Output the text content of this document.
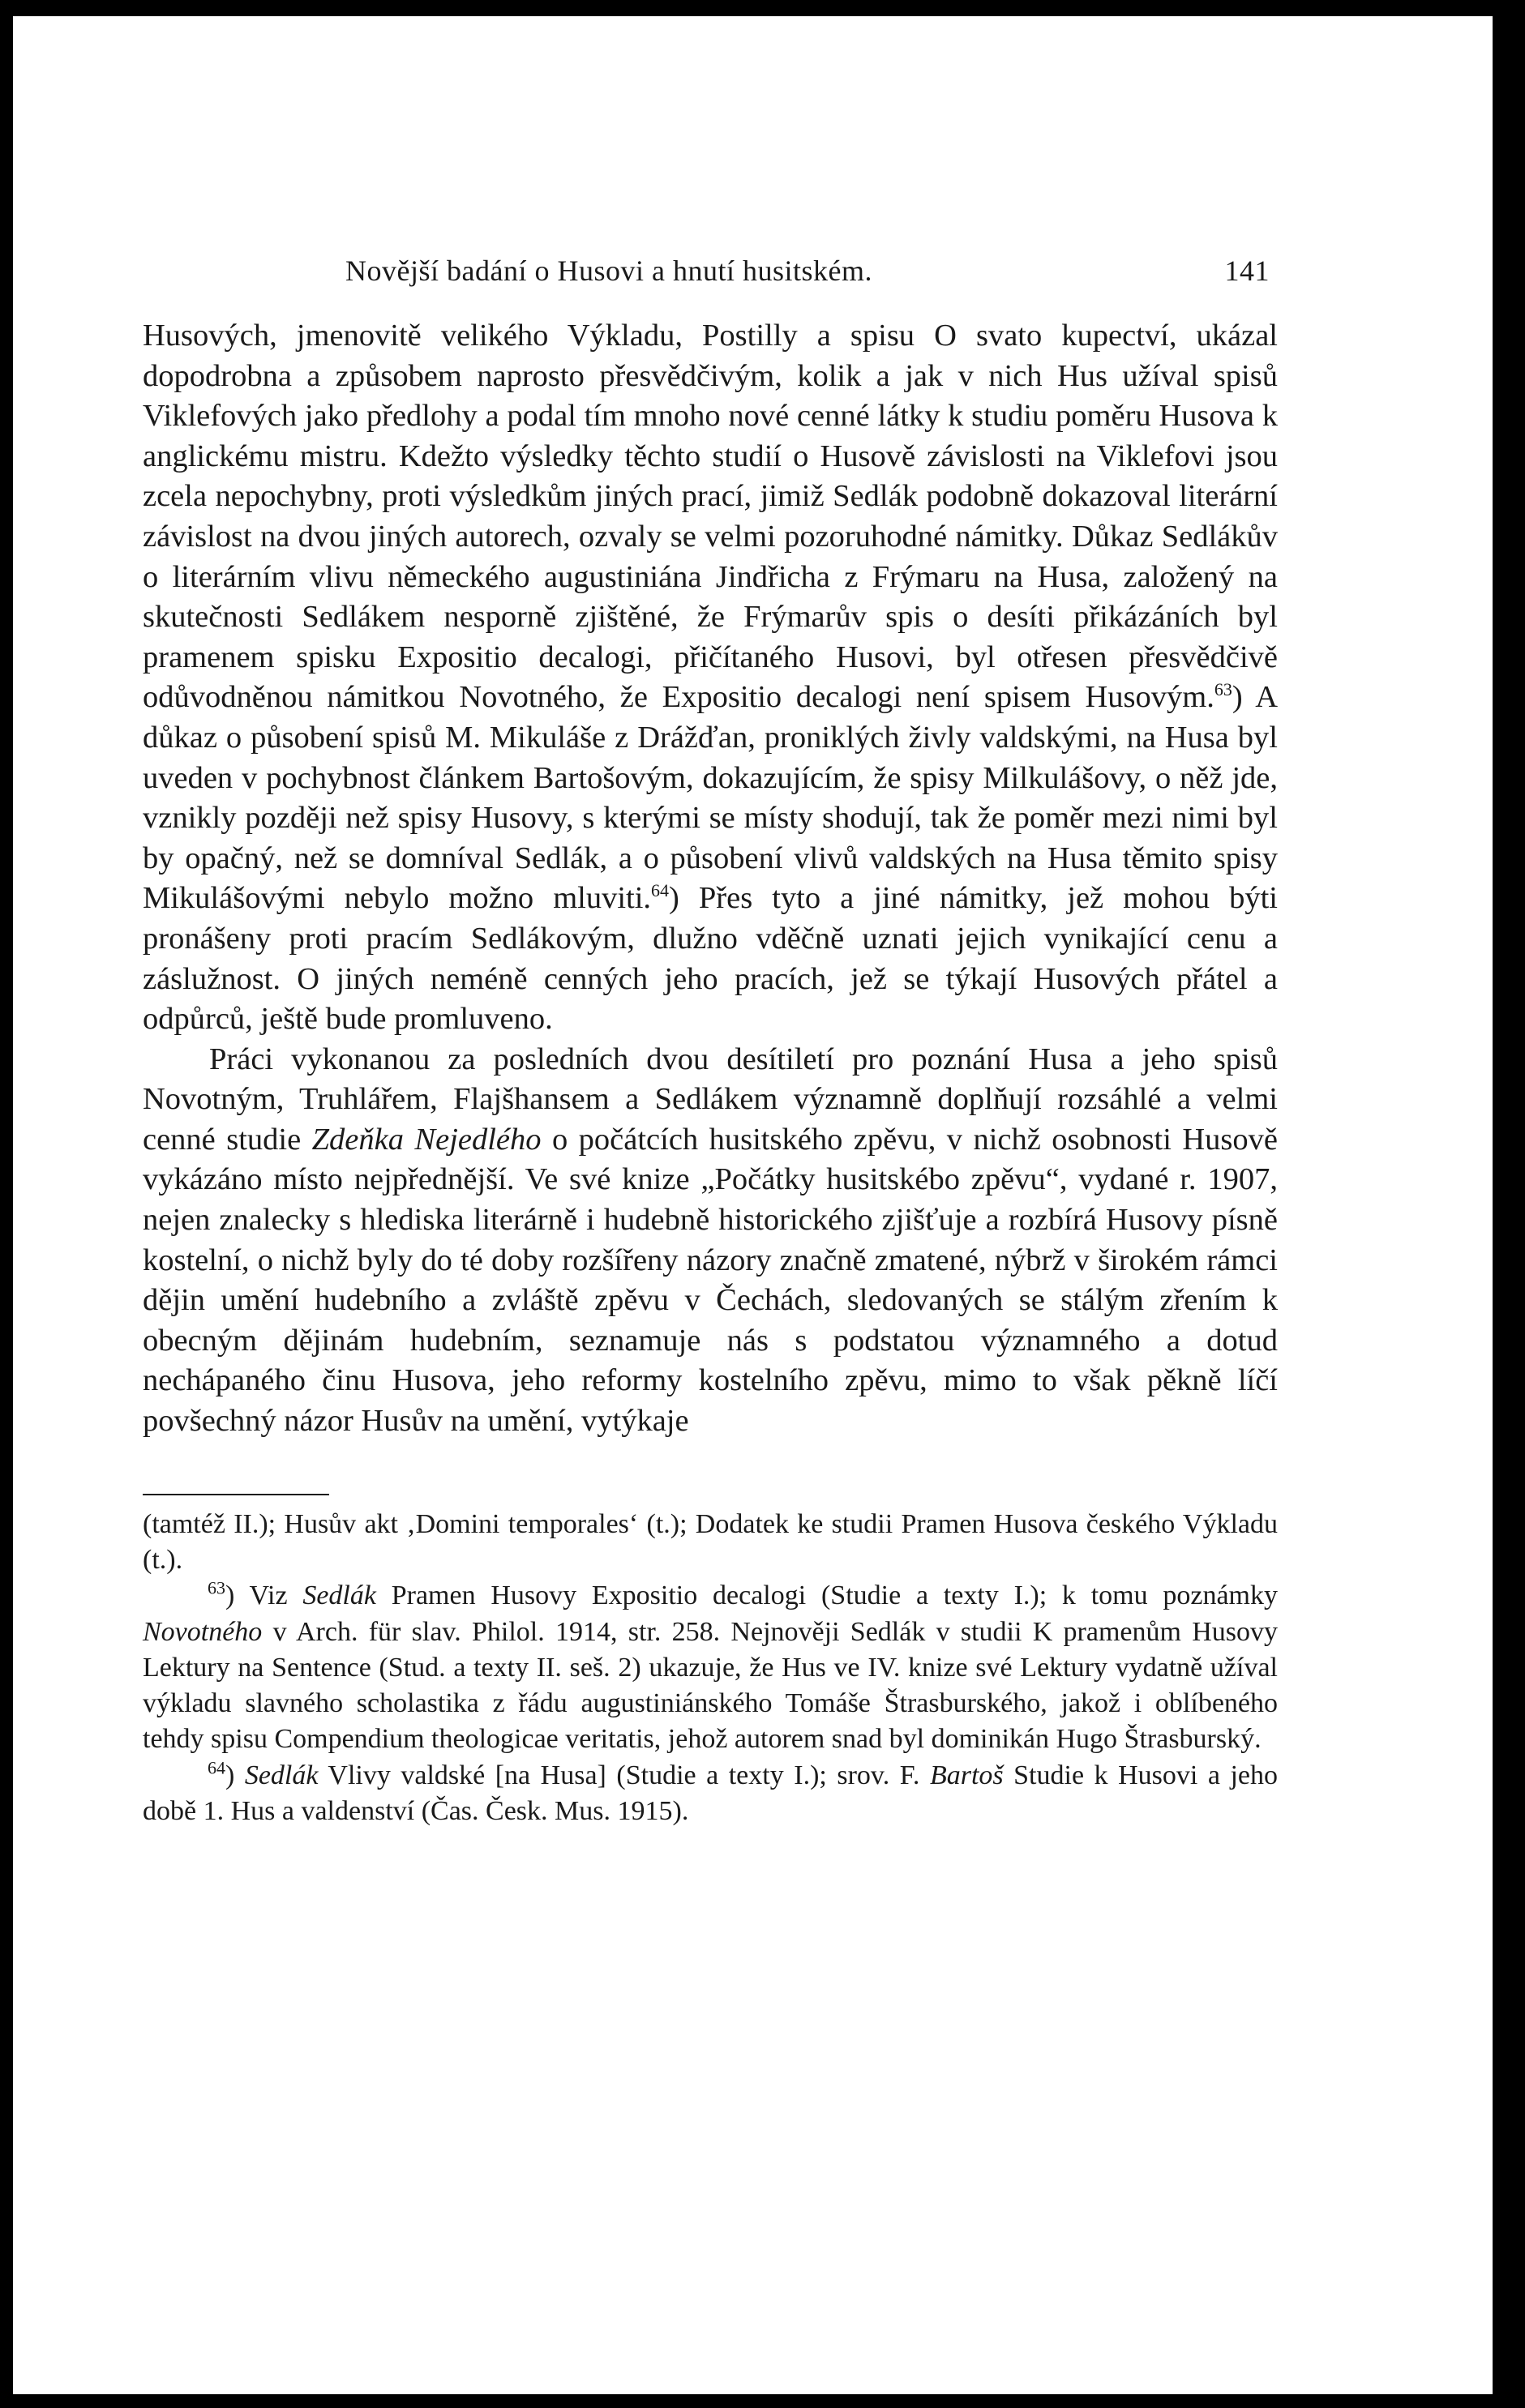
Novější badání o Husovi a hnutí husitském.	141

Husových, jmenovitě velikého Výkladu, Postilly a spisu O svato kupectví, ukázal dopodrobna a způsobem naprosto přesvědčivým, kolik a jak v nich Hus užíval spisů Viklefových jako předlohy a podal tím mnoho nové cenné látky k studiu poměru Husova k anglickému mistru. Kdežto výsledky těchto studií o Husově závislosti na Viklefovi jsou zcela nepochybny, proti výsledkům jiných prací, jimiž Sedlák podobně dokazoval literární závislost na dvou jiných autorech, ozvaly se velmi pozoruhodné námitky. Důkaz Sedlákův o literárním vlivu německého augustiniána Jindřicha z Frýmaru na Husa, založený na skutečnosti Sedlákem nesporně zjištěné, že Frýmarův spis o desíti přikázáních byl pramenem spisku Expositio decalogi, přičítaného Husovi, byl otřesen přesvědčivě odůvodněnou námitkou Novotného, že Expositio decalogi není spisem Husovým.$^{63}$) A důkaz o působení spisů M. Mikuláše z Drážďan, proniklých živly valdskými, na Husa byl uveden v pochybnost článkem Bartošovým, dokazujícím, že spisy Milkulášovy, o něž jde, vznikly později než spisy Husovy, s kterými se místy shodují, tak že poměr mezi nimi byl by opačný, než se domníval Sedlák, a o působení vlivů valdských na Husa těmito spisy Mikulášovými nebylo možno mluviti.$^{64}$) Přes tyto a jiné námitky, jež mohou býti pronášeny proti pracím Sedlákovým, dlužno vděčně uznati jejich vynikající cenu a záslužnost. O jiných neméně cenných jeho pracích, jež se týkají Husových přátel a odpůrců, ještě bude promluveno.

Práci vykonanou za posledních dvou desítiletí pro poznání Husa a jeho spisů Novotným, Truhlářem, Flajšhansem a Sedlákem významně doplňují rozsáhlé a velmi cenné studie Zdeňka Nejedlého o počátcích husitského zpěvu, v nichž osobnosti Husově vykázáno místo nejpřednější. Ve své knize „Počátky husitskébo zpěvu“, vydané r. 1907, nejen znalecky s hlediska literárně i hudebně historického zjišťuje a rozbírá Husovy písně kostelní, o nichž byly do té doby rozšířeny názory značně zmatené, nýbrž v širokém rámci dějin umění hudebního a zvláště zpěvu v Čechách, sledovaných se stálým zřením k obecným dějinám hudebním, seznamuje nás s podstatou významného a dotud nechápaného činu Husova, jeho reformy kostelního zpěvu, mimo to však pěkně líčí povšechný názor Husův na umění, vytýkaje

(tamtéž II.); Husův akt ‚Domini temporales‘ (t.); Dodatek ke studii Pramen Husova českého Výkladu (t.).

$^{63}$) Viz Sedlák Pramen Husovy Expositio decalogi (Studie a texty I.); k tomu poznámky Novotného v Arch. für slav. Philol. 1914, str. 258. Nejnověji Sedlák v studii K pramenům Husovy Lektury na Sentence (Stud. a texty II. seš. 2) ukazuje, že Hus ve IV. knize své Lektury vydatně užíval výkladu slavného scholastika z řádu augustiniánského Tomáše Štrasburského, jakož i oblíbeného tehdy spisu Compendium theologicae veritatis, jehož autorem snad byl dominikán Hugo Štrasburský.

$^{64}$) Sedlák Vlivy valdské [na Husa] (Studie a texty I.); srov. F. Bartoš Studie k Husovi a jeho době 1. Hus a valdenství (Čas. Česk. Mus. 1915).
